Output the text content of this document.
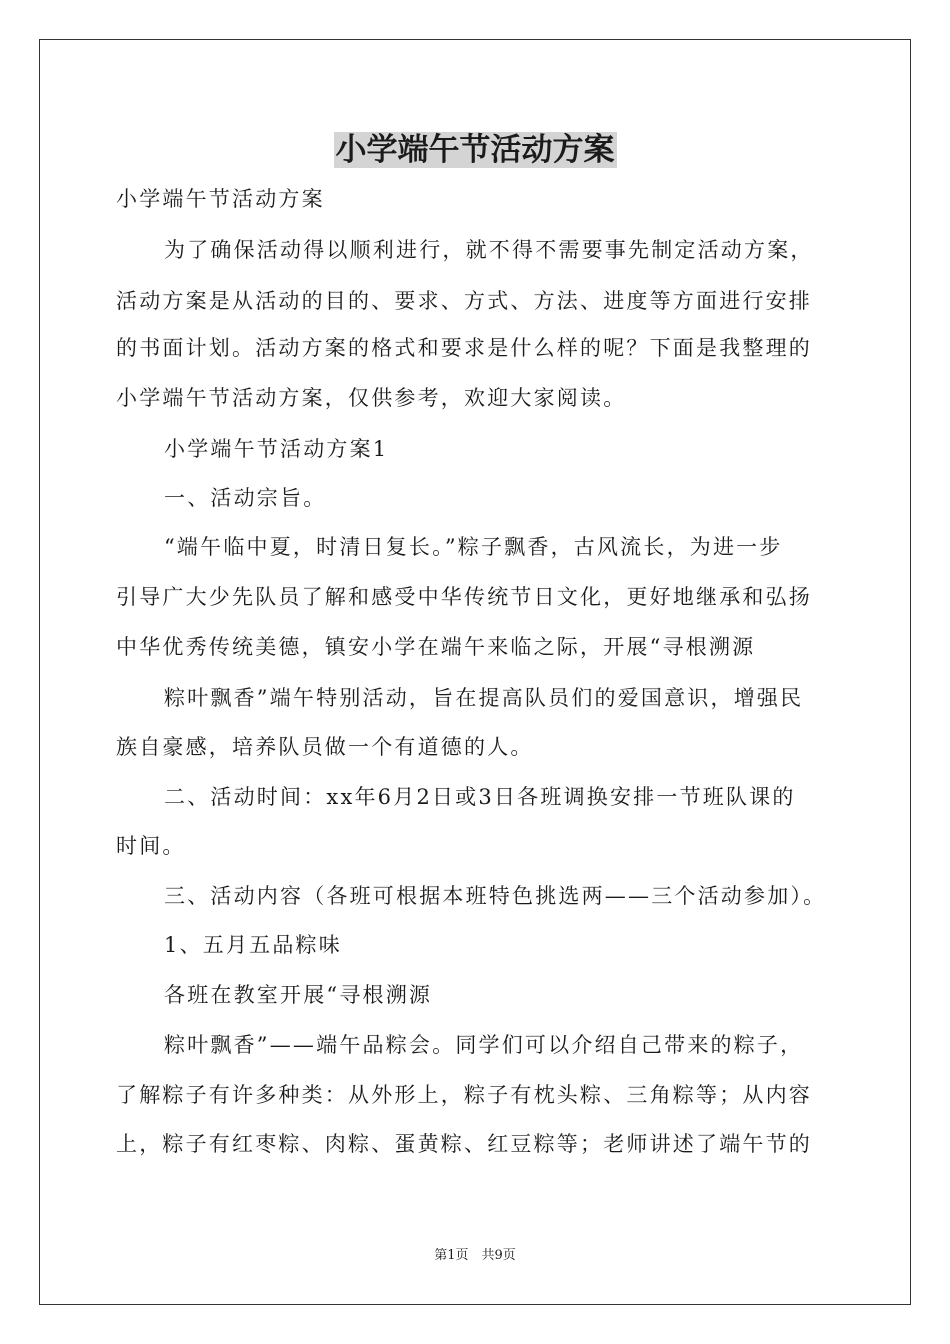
小学端午节活动方案
小学端午节活动方案
为了确保活动得以顺利进行，就不得不需要事先制定活动方案，
活动方案是从活动的目的、要求、方式、方法、进度等方面进行安排
的书面计划。活动方案的格式和要求是什么样的呢？下面是我整理的
小学端午节活动方案，仅供参考，欢迎大家阅读。
小学端午节活动方案1
一、活动宗旨。
“端午临中夏，时清日复长。”粽子飘香，古风流长，为进一步
引导广大少先队员了解和感受中华传统节日文化，更好地继承和弘扬
中华优秀传统美德，镇安小学在端午来临之际，开展“寻根溯源
粽叶飘香”端午特别活动，旨在提高队员们的爱国意识，增强民
族自豪感，培养队员做一个有道德的人。
二、活动时间：xx年6月2日或3日各班调换安排一节班队课的
时间。
三、活动内容（各班可根据本班特色挑选两——三个活动参加）。
1、五月五品粽味
各班在教室开展“寻根溯源
粽叶飘香”——端午品粽会。同学们可以介绍自己带来的粽子，
了解粽子有许多种类：从外形上，粽子有枕头粽、三角粽等；从内容
上，粽子有红枣粽、肉粽、蛋黄粽、红豆粽等；老师讲述了端午节的
第1页　共9页
